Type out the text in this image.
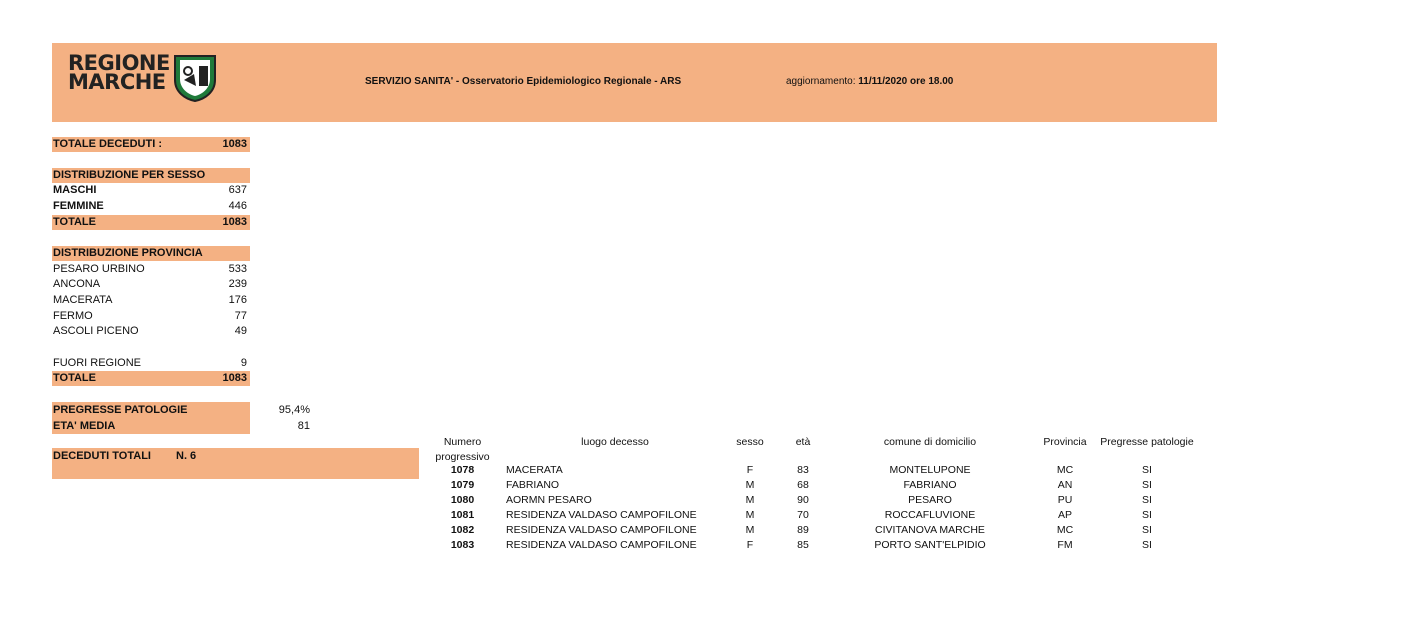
REGIONE
MARCHE	SERVIZIO SANITA' - Osservatorio Epidemiologico Regionale - ARS	aggiornamento: 11/11/2020 ore 18.00
TOTALE DECEDUTI :	1083
DISTRIBUZIONE PER SESSO
MASCHI	637
FEMMINE	446
TOTALE	1083
DISTRIBUZIONE PROVINCIA
PESARO URBINO	533
ANCONA	239
MACERATA	176
FERMO	77
ASCOLI PICENO	49
FUORI REGIONE	9
TOTALE	1083
PREGRESSE PATOLOGIE	95,4%
ETA' MEDIA	81
DECEDUTI TOTALI N. 6
Numero
progressivo
luogo decesso	sesso	età	comune di domicilio	Provincia	Pregresse patologie
1078	MACERATA	F	83	MONTELUPONE	MC	SI
1079	FABRIANO	M	68	FABRIANO	AN	SI
1080	AORMN PESARO	M	90	PESARO	PU	SI
1081	RESIDENZA VALDASO CAMPOFILONE	M	70	ROCCAFLUVIONE	AP	SI
1082	RESIDENZA VALDASO CAMPOFILONE	M	89	CIVITANOVA MARCHE	MC	SI
1083	RESIDENZA VALDASO CAMPOFILONE	F	85	PORTO SANT'ELPIDIO	FM	SI
